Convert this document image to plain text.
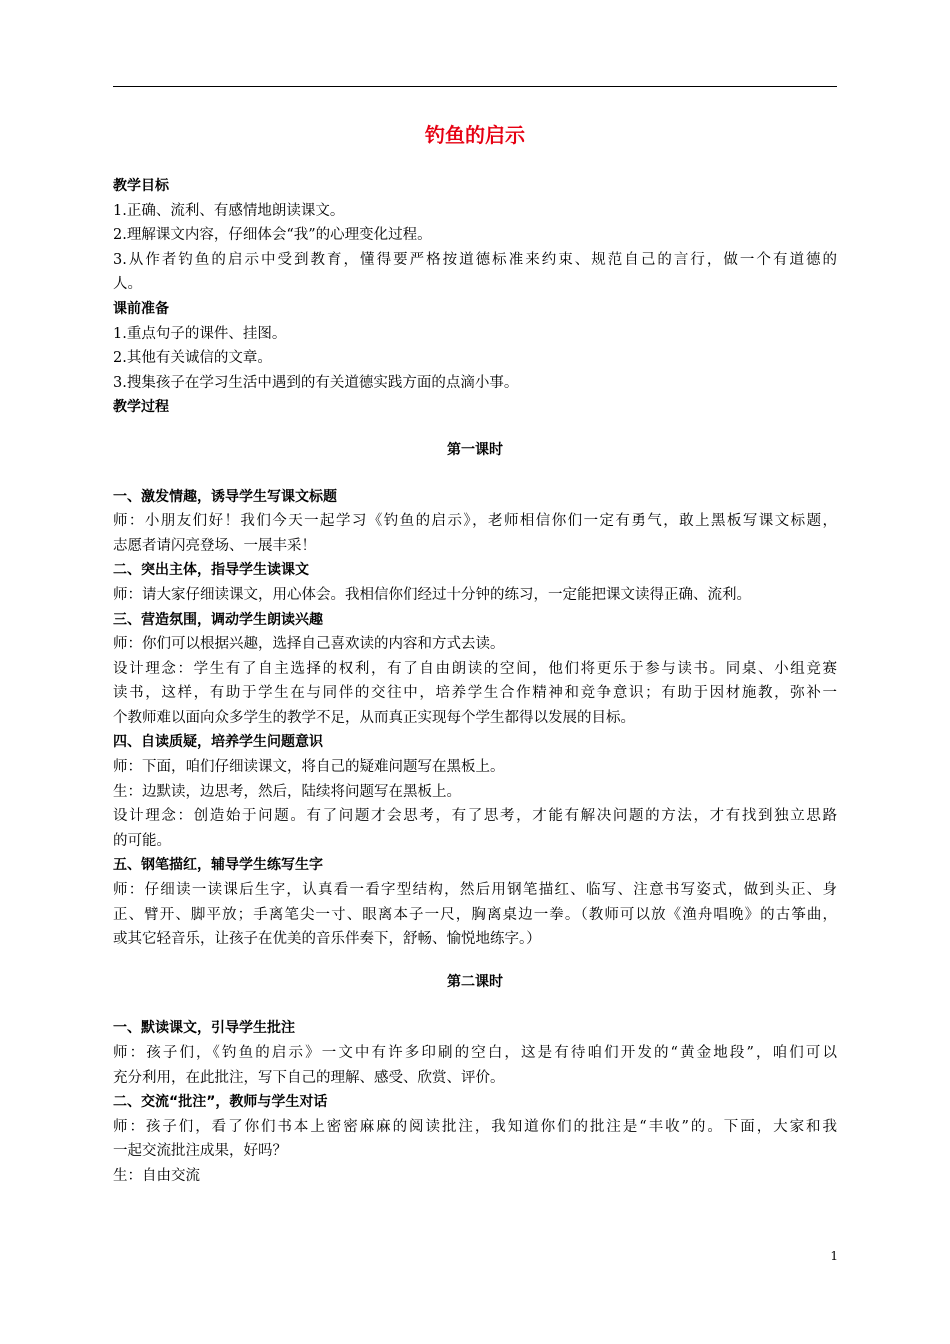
钓鱼的启示
教学目标
1.正确、流利、有感情地朗读课文。
2.理解课文内容，仔细体会“我”的心理变化过程。
3.从作者钓鱼的启示中受到教育，懂得要严格按道德标准来约束、规范自己的言行，做一个有道德的
人。
课前准备
1.重点句子的课件、挂图。
2.其他有关诚信的文章。
3.搜集孩子在学习生活中遇到的有关道德实践方面的点滴小事。
教学过程
第一课时
一、激发情趣，诱导学生写课文标题
师：小朋友们好！我们今天一起学习《钓鱼的启示》，老师相信你们一定有勇气，敢上黑板写课文标题，
志愿者请闪亮登场、一展丰采！
二、突出主体，指导学生读课文
师：请大家仔细读课文，用心体会。我相信你们经过十分钟的练习，一定能把课文读得正确、流利。
三、营造氛围，调动学生朗读兴趣
师：你们可以根据兴趣，选择自己喜欢读的内容和方式去读。
设计理念：学生有了自主选择的权利，有了自由朗读的空间，他们将更乐于参与读书。同桌、小组竞赛
读书，这样，有助于学生在与同伴的交往中，培养学生合作精神和竞争意识；有助于因材施教，弥补一
个教师难以面向众多学生的教学不足，从而真正实现每个学生都得以发展的目标。
四、自读质疑，培养学生问题意识
师：下面，咱们仔细读课文，将自己的疑难问题写在黑板上。
生：边默读，边思考，然后，陆续将问题写在黑板上。
设计理念：创造始于问题。有了问题才会思考，有了思考，才能有解决问题的方法，才有找到独立思路
的可能。
五、钢笔描红，辅导学生练写生字
师：仔细读一读课后生字，认真看一看字型结构，然后用钢笔描红、临写、注意书写姿式，做到头正、身
正、臂开、脚平放；手离笔尖一寸、眼离本子一尺，胸离桌边一拳。（教师可以放《渔舟唱晚》的古筝曲，
或其它轻音乐，让孩子在优美的音乐伴奏下，舒畅、愉悦地练字。）
第二课时
一、默读课文，引导学生批注
师：孩子们，《钓鱼的启示》一文中有许多印刷的空白，这是有待咱们开发的“黄金地段”，咱们可以
充分利用，在此批注，写下自己的理解、感受、欣赏、评价。
二、交流“批注”，教师与学生对话
师：孩子们，看了你们书本上密密麻麻的阅读批注，我知道你们的批注是“丰收”的。下面，大家和我
一起交流批注成果，好吗？
生：自由交流
1
